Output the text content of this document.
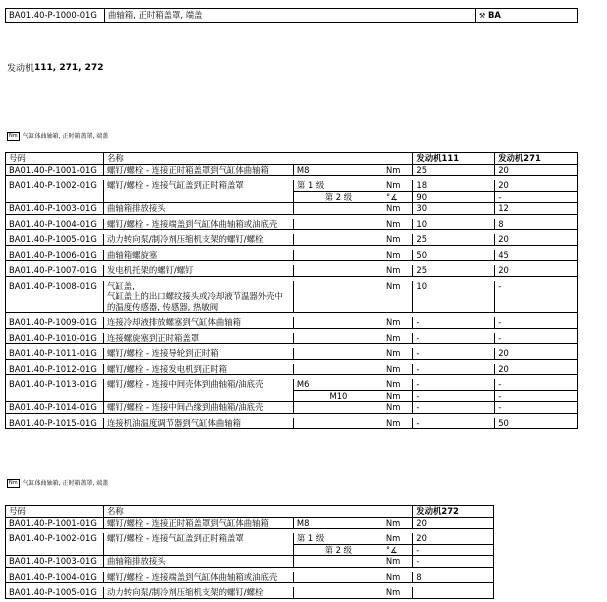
BA01.40-P-1000-01G	曲轴箱, 正时箱盖罩, 端盖	⚒ BA
发动机 111, 271, 272
Nm 气缸体曲轴箱, 正时箱盖罩, 端盖
号码	名称			发动机111	发动机271
BA01.40-P-1001-01G	螺钉/螺栓 - 连接正时箱盖罩到气缸体曲轴箱	M8	Nm	25	20

BA01.40-P-1002-01G	螺钉/螺栓 - 连接气缸盖到正时箱盖罩	第 1 级	Nm	18	20
		第 2 级	°∡	90	-
BA01.40-P-1003-01G	曲轴箱排放接头		Nm	30	12

BA01.40-P-1004-01G	螺钉/螺栓 - 连接端盖到气缸体曲轴箱或油底壳		Nm	10	8

BA01.40-P-1005-01G	动力转向泵/制冷剂压缩机支架的螺钉/螺栓		Nm	25	20

BA01.40-P-1006-01G	曲轴箱螺旋塞		Nm	50	45

BA01.40-P-1007-01G	发电机托架的螺钉/螺钉		Nm	25	20

BA01.40-P-1008-01G	气缸盖,
气缸盖上的出口螺纹接头或冷却液节温器外壳中
的温度传感器, 传感器, 热敏阀		Nm	10	-

BA01.40-P-1009-01G	连接冷却液排放螺塞到气缸体曲轴箱		Nm	-	-

BA01.40-P-1010-01G	连接螺旋塞到正时箱盖罩		Nm	-	-

BA01.40-P-1011-01G	螺钉/螺栓 - 连接导轮到正时箱		Nm	-	20

BA01.40-P-1012-01G	螺钉/螺栓 - 连接发电机到正时箱		Nm	-	20

BA01.40-P-1013-01G	螺钉/螺栓 - 连接中间壳体到曲轴箱/油底壳	M6	Nm	-	-
		M10	Nm	-	-
BA01.40-P-1014-01G	螺钉/螺栓 - 连接中间凸缘到曲轴箱/油底壳		Nm	-	-

BA01.40-P-1015-01G	连接机油温度调节器到气缸体曲轴箱		Nm	-	50
Nm 气缸体曲轴箱, 正时箱盖罩, 端盖
号码	名称			发动机272
BA01.40-P-1001-01G	螺钉/螺栓 - 连接正时箱盖罩到气缸体曲轴箱	M8	Nm	20

BA01.40-P-1002-01G	螺钉/螺栓 - 连接气缸盖到正时箱盖罩	第 1 级	Nm	20
		第 2 级	°∡	-
BA01.40-P-1003-01G	曲轴箱排放接头		Nm	-

BA01.40-P-1004-01G	螺钉/螺栓 - 连接端盖到气缸体曲轴箱或油底壳		Nm	8

BA01.40-P-1005-01G	动力转向泵/制冷剂压缩机支架的螺钉/螺栓		Nm	
